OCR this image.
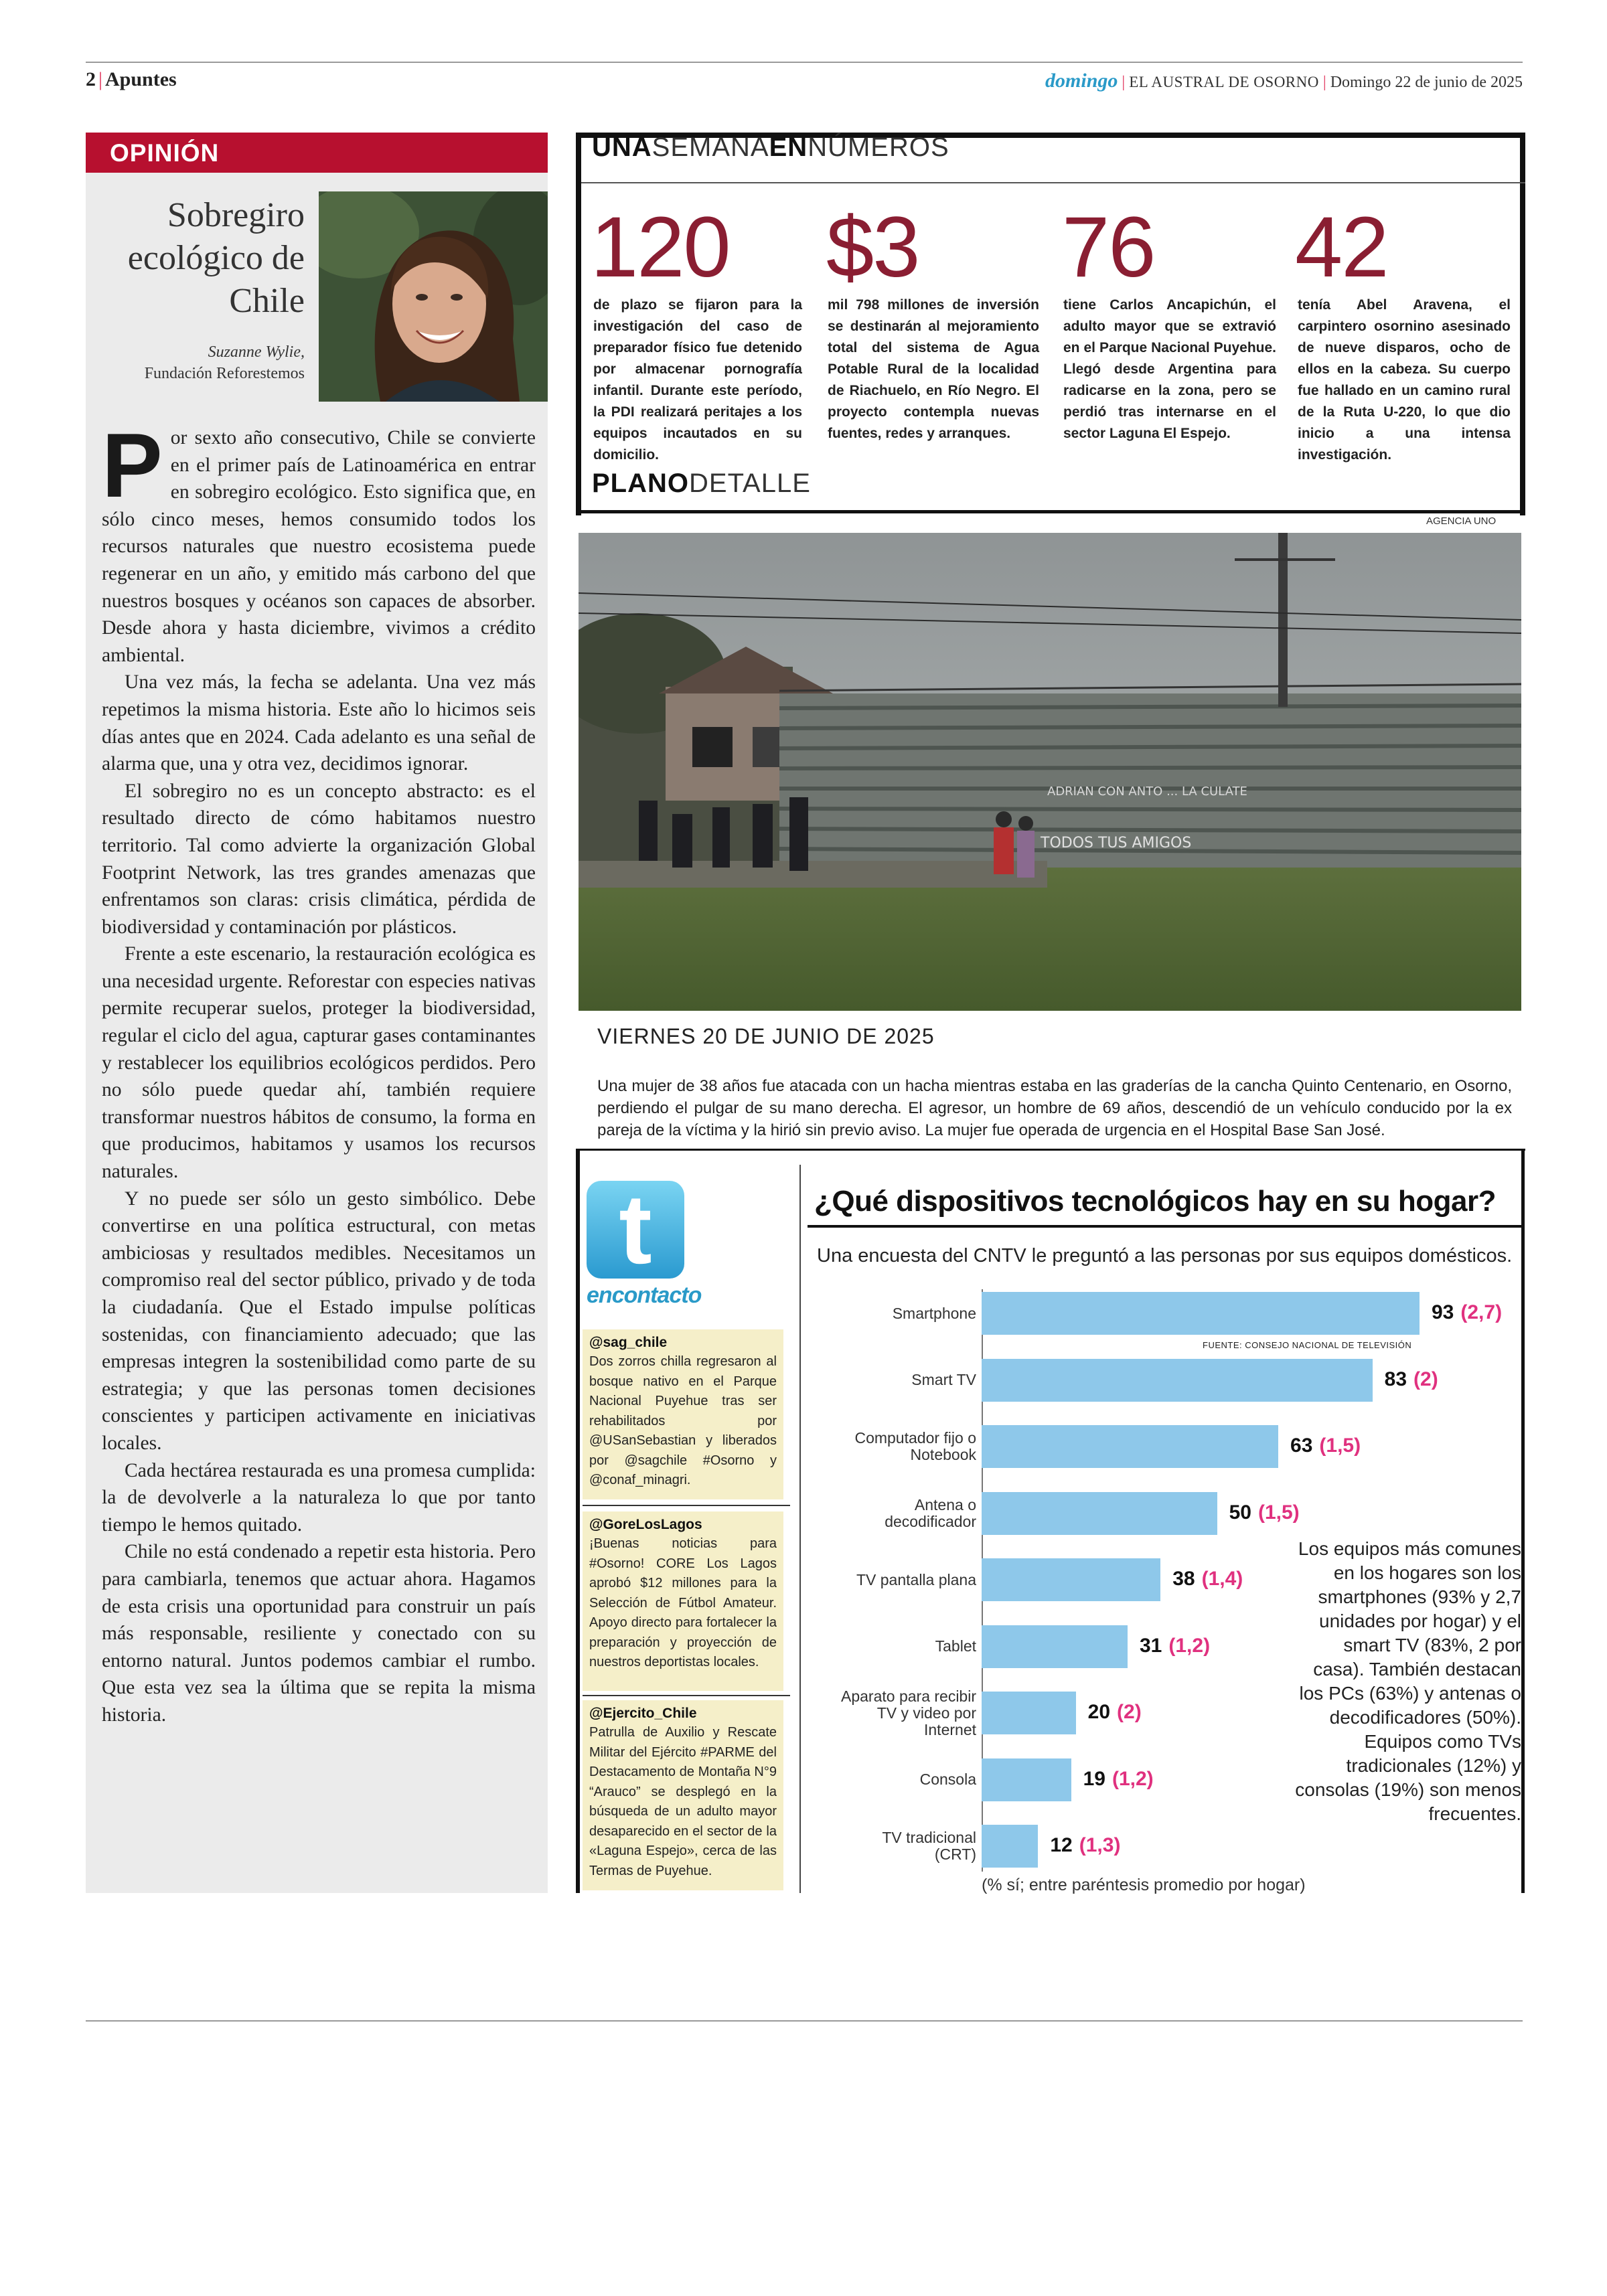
2 | Apuntes	domingo | EL AUSTRAL DE OSORNO | Domingo 22 de junio de 2025
OPINIÓN
Sobregiro ecológico de Chile
Suzanne Wylie,
Fundación Reforestemos

Por sexto año consecutivo, Chile se convierte en el primer país de Latinoamérica en entrar en sobregiro ecológico. Esto significa que, en sólo cinco meses, hemos consumido todos los recursos naturales que nuestro ecosistema puede regenerar en un año, y emitido más carbono del que nuestros bosques y océanos son capaces de absorber. Desde ahora y hasta diciembre, vivimos a crédito ambiental.

Una vez más, la fecha se adelanta. Una vez más repetimos la misma historia. Este año lo hicimos seis días antes que en 2024. Cada adelanto es una señal de alarma que, una y otra vez, decidimos ignorar.

El sobregiro no es un concepto abstracto: es el resultado directo de cómo habitamos nuestro territorio. Tal como advierte la organización Global Footprint Network, las tres grandes amenazas que enfrentamos son claras: crisis climática, pérdida de biodiversidad y contaminación por plásticos.

Frente a este escenario, la restauración ecológica es una necesidad urgente. Reforestar con especies nativas permite recuperar suelos, proteger la biodiversidad, regular el ciclo del agua, capturar gases contaminantes y restablecer los equilibrios ecológicos perdidos. Pero no sólo puede quedar ahí, también requiere transformar nuestros hábitos de consumo, la forma en que producimos, habitamos y usamos los recursos naturales.

Y no puede ser sólo un gesto simbólico. Debe convertirse en una política estructural, con metas ambiciosas y resultados medibles. Necesitamos un compromiso real del sector público, privado y de toda la ciudadanía. Que el Estado impulse políticas sostenidas, con financiamiento adecuado; que las empresas integren la sostenibilidad como parte de su estrategia; y que las personas tomen decisiones conscientes y participen activamente en iniciativas locales.

Cada hectárea restaurada es una promesa cumplida: la de devolverle a la naturaleza lo que por tanto tiempo le hemos quitado.

Chile no está condenado a repetir esta historia. Pero para cambiarla, tenemos que actuar ahora. Hagamos de esta crisis una oportunidad para construir un país más responsable, resiliente y conectado con su entorno natural. Juntos podemos cambiar el rumbo. Que esta vez sea la última que se repita la misma historia.

UNASEMANAENNÚMEROS
120
de plazo se fijaron para la investigación del caso de preparador físico fue detenido por almacenar pornografía infantil. Durante este período, la PDI realizará peritajes a los equipos incautados en su domicilio.
$3
mil 798 millones de inversión se destinarán al mejoramiento total del sistema de Agua Potable Rural de la localidad de Riachuelo, en Río Negro. El proyecto contempla nuevas fuentes, redes y arranques.
76
tiene Carlos Ancapichún, el adulto mayor que se extravió en el Parque Nacional Puyehue. Llegó desde Argentina para radicarse en la zona, pero se perdió tras internarse en el sector Laguna El Espejo.
42
tenía Abel Aravena, el carpintero osornino asesinado de nueve disparos, ocho de ellos en la cabeza. Su cuerpo fue hallado en un camino rural de la Ruta U-220, lo que dio inicio a una intensa investigación.
PLANODETALLE
AGENCIA UNO
ADRIAN CON ANTO ... LA CULATE
TODOS TUS AMIGOS
VIERNES 20 DE JUNIO DE 2025
Una mujer de 38 años fue atacada con un hacha mientras estaba en las graderías de la cancha Quinto Centenario, en Osorno, perdiendo el pulgar de su mano derecha. El agresor, un hombre de 69 años, descendió de un vehículo conducido por la ex pareja de la víctima y la hirió sin previo aviso. La mujer fue operada de urgencia en el Hospital Base San José.
t
encontacto
@sag_chile
Dos zorros chilla regresaron al bosque nativo en el Parque Nacional Puyehue tras ser rehabilitados por @USanSebastian y liberados por @sagchile #Osorno y @conaf_minagri.
@GoreLosLagos
¡Buenas noticias para #Osorno! CORE Los Lagos aprobó $12 millones para la Selección de Fútbol Amateur. Apoyo directo para fortalecer la preparación y proyección de nuestros deportistas locales.
@Ejercito_Chile
Patrulla de Auxilio y Rescate Militar del Ejército #PARME del Destacamento de Montaña N°9 “Arauco” se desplegó en la búsqueda de un adulto mayor desaparecido en el sector de la «Laguna Espejo», cerca de las Termas de Puyehue.
¿Qué dispositivos tecnológicos hay en su hogar?
Una encuesta del CNTV le preguntó a las personas por sus equipos domésticos.
FUENTE: CONSEJO NACIONAL DE TELEVISIÓN
Smartphone	93 (2,7)
Smart TV	83 (2)
Computador fijo o
Notebook	63 (1,5)
Antena o
decodificador	50 (1,5)
TV pantalla plana	38 (1,4)
Tablet	31 (1,2)
Aparato para recibir
TV y video por
Internet
20 (2)
Consola	19 (1,2)
TV tradicional
(CRT)	12 (1,3)
(% sí; entre paréntesis promedio por hogar)
Los equipos más comunes en los hogares son los smartphones (93% y 2,7 unidades por hogar) y el smart TV (83%, 2 por casa). También destacan los PCs (63%) y antenas o decodificadores (50%). Equipos como TVs tradicionales (12%) y consolas (19%) son menos frecuentes.
